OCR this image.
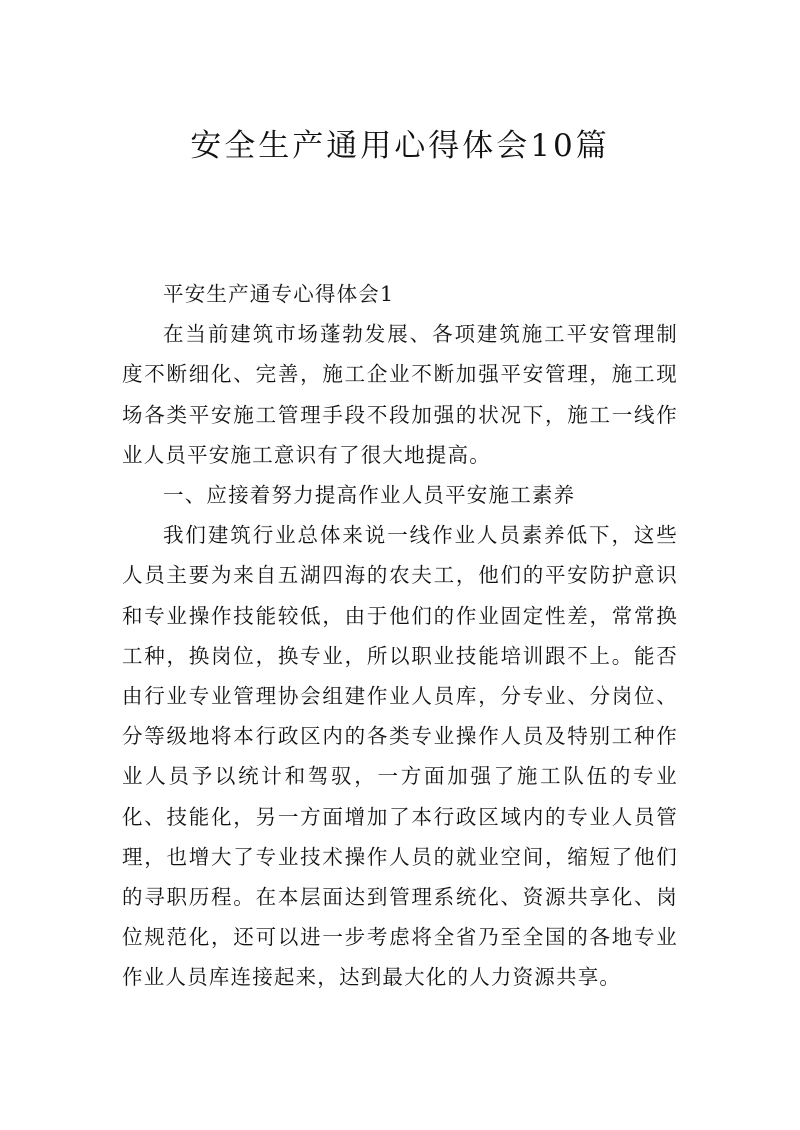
安全生产通用心得体会10篇

平安生产通专心得体会1

在当前建筑市场蓬勃发展、各项建筑施工平安管理制度不断细化、完善，施工企业不断加强平安管理，施工现场各类平安施工管理手段不段加强的状况下，施工一线作业人员平安施工意识有了很大地提高。

一、应接着努力提高作业人员平安施工素养

我们建筑行业总体来说一线作业人员素养低下，这些人员主要为来自五湖四海的农夫工，他们的平安防护意识和专业操作技能较低，由于他们的作业固定性差，常常换工种，换岗位，换专业，所以职业技能培训跟不上。能否由行业专业管理协会组建作业人员库，分专业、分岗位、分等级地将本行政区内的各类专业操作人员及特别工种作业人员予以统计和驾驭，一方面加强了施工队伍的专业化、技能化，另一方面增加了本行政区域内的专业人员管理，也增大了专业技术操作人员的就业空间，缩短了他们的寻职历程。在本层面达到管理系统化、资源共享化、岗位规范化，还可以进一步考虑将全省乃至全国的各地专业作业人员库连接起来，达到最大化的人力资源共享。
